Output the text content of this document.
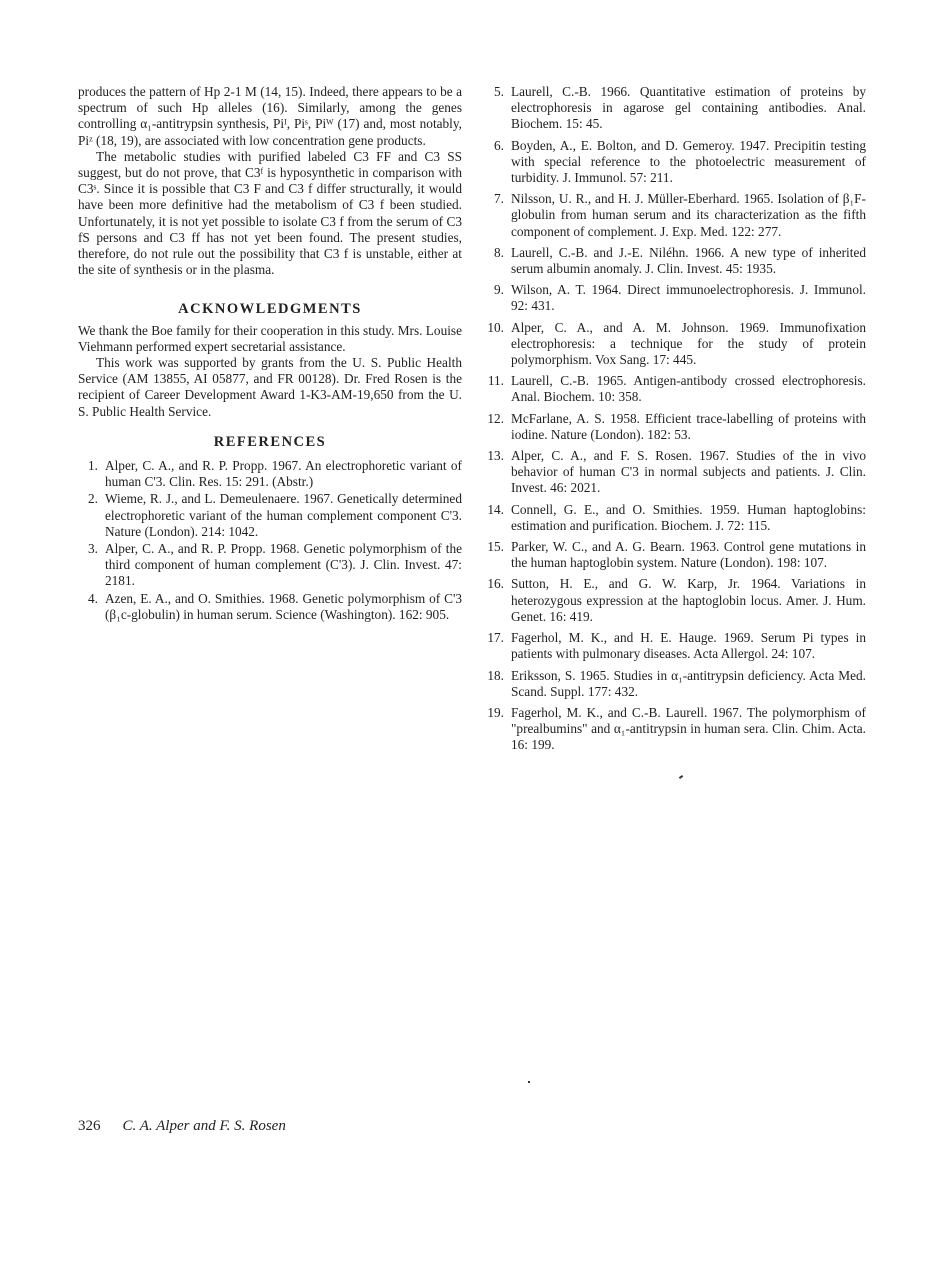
produces the pattern of Hp 2-1 M (14, 15). Indeed, there appears to be a spectrum of such Hp alleles (16). Similarly, among the genes controlling α₁-antitrypsin synthesis, Piᴵ, Piˢ, Piᵂ (17) and, most notably, Piᶻ (18, 19), are associated with low concentration gene products.

The metabolic studies with purified labeled C3 FF and C3 SS suggest, but do not prove, that C3ᶠ is hyposynthetic in comparison with C3ˢ. Since it is possible that C3 F and C3 f differ structurally, it would have been more definitive had the metabolism of C3 f been studied. Unfortunately, it is not yet possible to isolate C3 f from the serum of C3 fS persons and C3 ff has not yet been found. The present studies, therefore, do not rule out the possibility that C3 f is unstable, either at the site of synthesis or in the plasma.

ACKNOWLEDGMENTS

We thank the Boe family for their cooperation in this study. Mrs. Louise Viehmann performed expert secretarial assistance.

This work was supported by grants from the U. S. Public Health Service (AM 13855, AI 05877, and FR 00128). Dr. Fred Rosen is the recipient of Career Development Award 1-K3-AM-19,650 from the U. S. Public Health Service.

REFERENCES

1. Alper, C. A., and R. P. Propp. 1967. An electrophoretic variant of human C'3. Clin. Res. 15: 291. (Abstr.)

2. Wieme, R. J., and L. Demeulenaere. 1967. Genetically determined electrophoretic variant of the human complement component C'3. Nature (London). 214: 1042.

3. Alper, C. A., and R. P. Propp. 1968. Genetic polymorphism of the third component of human complement (C'3). J. Clin. Invest. 47: 2181.

4. Azen, E. A., and O. Smithies. 1968. Genetic polymorphism of C'3 (β₁c-globulin) in human serum. Science (Washington). 162: 905.

5. Laurell, C.-B. 1966. Quantitative estimation of proteins by electrophoresis in agarose gel containing antibodies. Anal. Biochem. 15: 45.

6. Boyden, A., E. Bolton, and D. Gemeroy. 1947. Precipitin testing with special reference to the photoelectric measurement of turbidity. J. Immunol. 57: 211.

7. Nilsson, U. R., and H. J. Müller-Eberhard. 1965. Isolation of β₁F-globulin from human serum and its characterization as the fifth component of complement. J. Exp. Med. 122: 277.

8. Laurell, C.-B. and J.-E. Niléhn. 1966. A new type of inherited serum albumin anomaly. J. Clin. Invest. 45: 1935.

9. Wilson, A. T. 1964. Direct immunoelectrophoresis. J. Immunol. 92: 431.

10. Alper, C. A., and A. M. Johnson. 1969. Immunofixation electrophoresis: a technique for the study of protein polymorphism. Vox Sang. 17: 445.

11. Laurell, C.-B. 1965. Antigen-antibody crossed electrophoresis. Anal. Biochem. 10: 358.

12. McFarlane, A. S. 1958. Efficient trace-labelling of proteins with iodine. Nature (London). 182: 53.

13. Alper, C. A., and F. S. Rosen. 1967. Studies of the in vivo behavior of human C'3 in normal subjects and patients. J. Clin. Invest. 46: 2021.

14. Connell, G. E., and O. Smithies. 1959. Human haptoglobins: estimation and purification. Biochem. J. 72: 115.

15. Parker, W. C., and A. G. Bearn. 1963. Control gene mutations in the human haptoglobin system. Nature (London). 198: 107.

16. Sutton, H. E., and G. W. Karp, Jr. 1964. Variations in heterozygous expression at the haptoglobin locus. Amer. J. Hum. Genet. 16: 419.

17. Fagerhol, M. K., and H. E. Hauge. 1969. Serum Pi types in patients with pulmonary diseases. Acta Allergol. 24: 107.

18. Eriksson, S. 1965. Studies in α₁-antitrypsin deficiency. Acta Med. Scand. Suppl. 177: 432.

19. Fagerhol, M. K., and C.-B. Laurell. 1967. The polymorphism of "prealbumins" and α₁-antitrypsin in human sera. Clin. Chim. Acta. 16: 199.

326 C. A. Alper and F. S. Rosen
